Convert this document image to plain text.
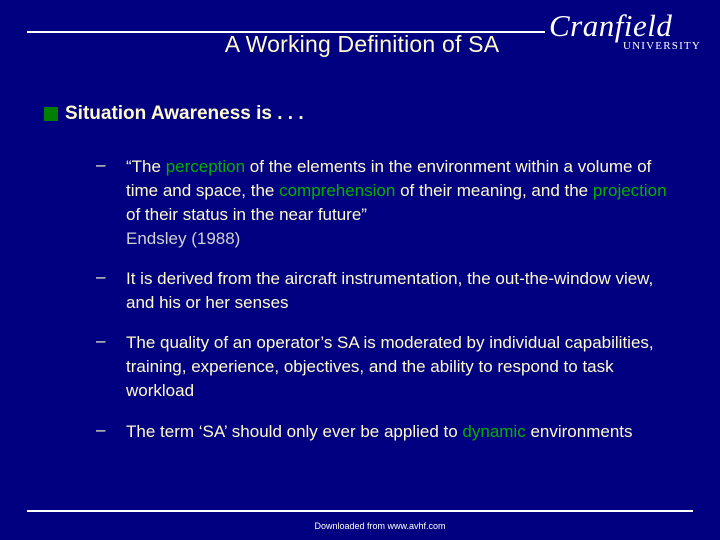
A Working Definition of SA
Cranfield
UNIVERSITY
Situation Awareness is . . .
– “The perception of the elements in the environment within a volume of time and space, the comprehension of their meaning, and the projection of their status in the near future”
Endsley (1988)
– It is derived from the aircraft instrumentation, the out-the-window view, and his or her senses
– The quality of an operator’s SA is moderated by individual capabilities, training, experience, objectives, and the ability to respond to task workload
– The term ‘SA’ should only ever be applied to dynamic environments
Downloaded from www.avhf.com
